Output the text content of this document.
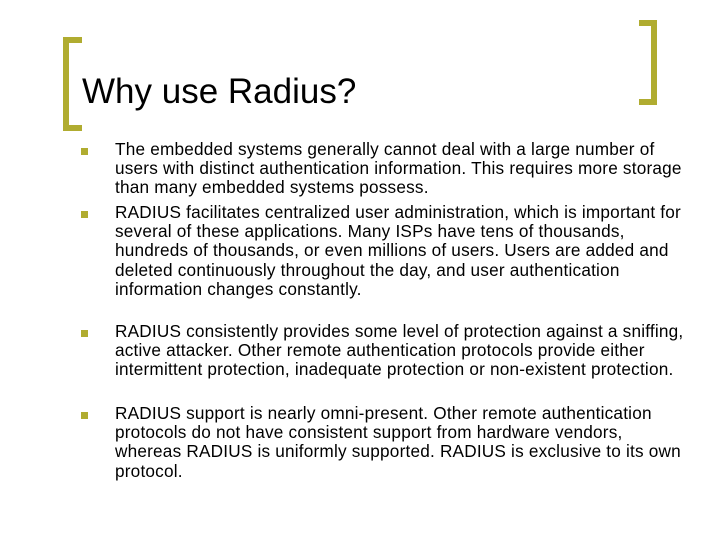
Why use Radius?
The embedded systems generally cannot deal with a large number of users with distinct authentication information. This requires more storage than many embedded systems possess.
RADIUS facilitates centralized user administration, which is important for several of these applications. Many ISPs have tens of thousands, hundreds of thousands, or even millions of users. Users are added and deleted continuously throughout the day, and user authentication information changes constantly.
RADIUS consistently provides some level of protection against a sniffing, active attacker. Other remote authentication protocols provide either intermittent protection, inadequate protection or non-existent protection.
RADIUS support is nearly omni-present. Other remote authentication protocols do not have consistent support from hardware vendors, whereas RADIUS is uniformly supported. RADIUS is exclusive to its own protocol.
